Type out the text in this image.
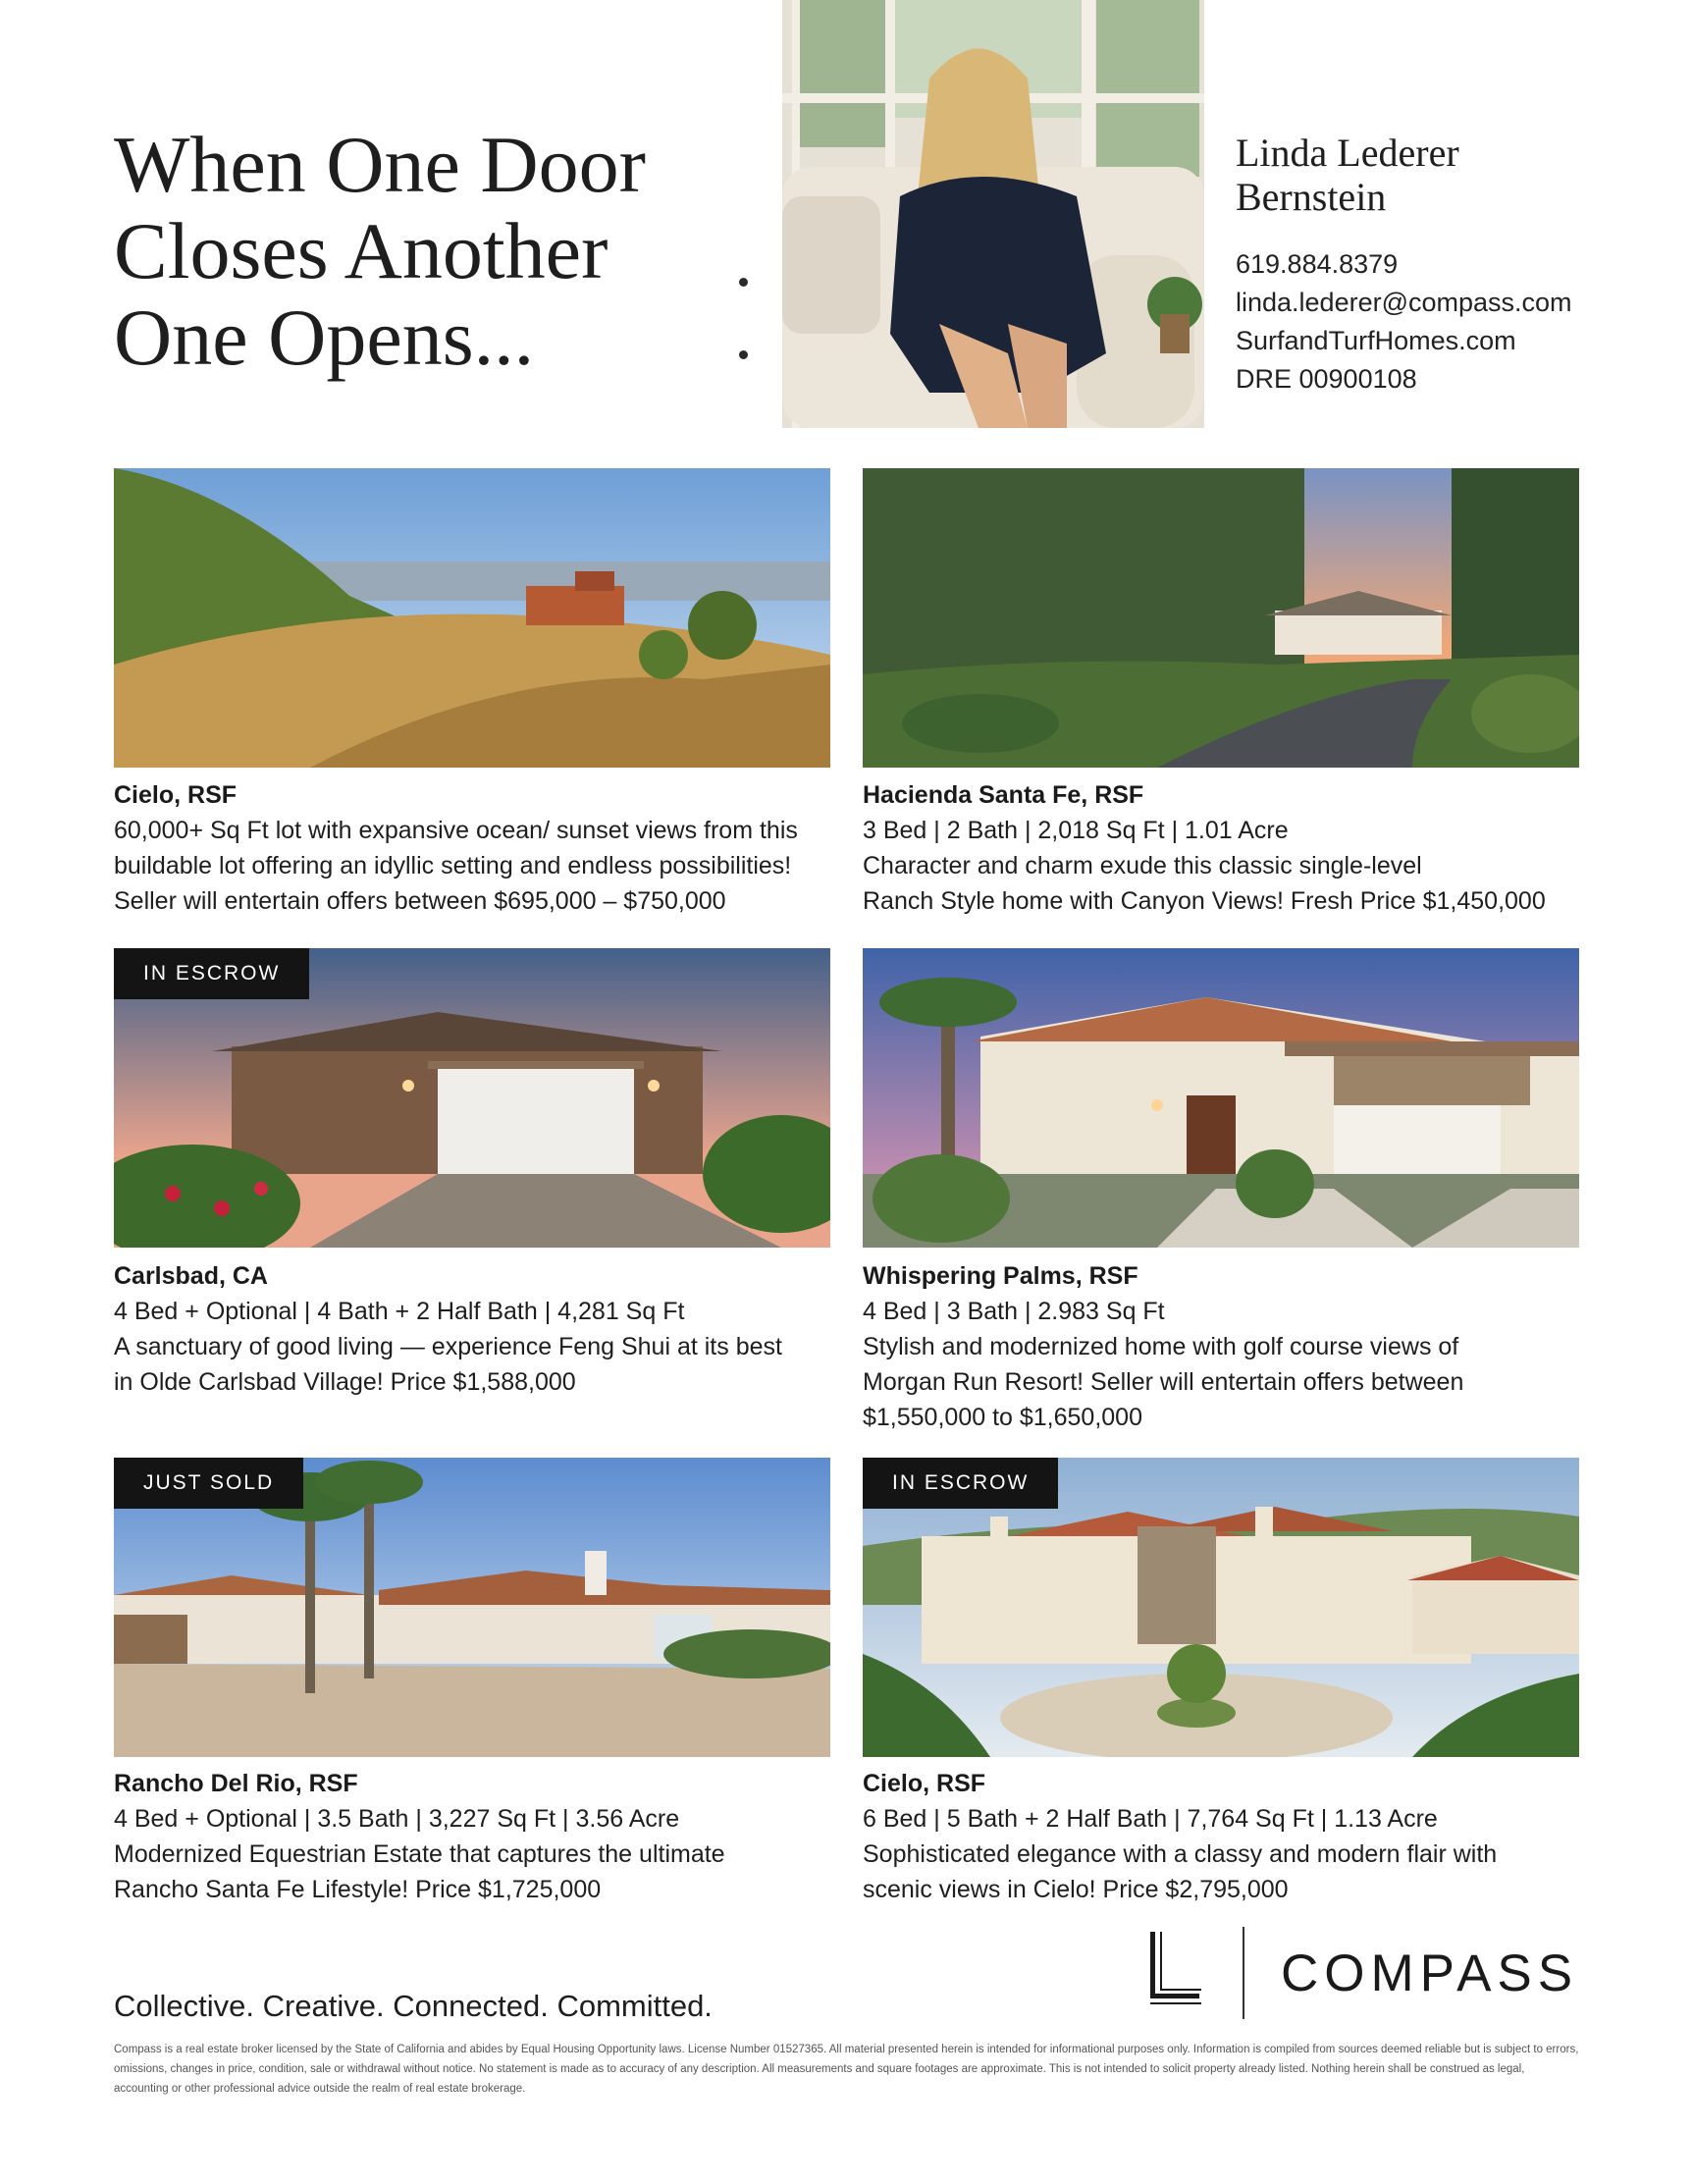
When One Door
Closes Another
One Opens...
Linda Lederer
Bernstein
619.884.8379
linda.lederer@compass.com
SurfandTurfHomes.com
DRE 00900108
Cielo, RSF
60,000+ Sq Ft lot with expansive ocean/ sunset views from this
buildable lot offering an idyllic setting and endless possibilities!
Seller will entertain offers between $695,000 – $750,000
Hacienda Santa Fe, RSF
3 Bed | 2 Bath | 2,018 Sq Ft | 1.01 Acre
Character and charm exude this classic single-level
Ranch Style home with Canyon Views! Fresh Price $1,450,000
IN ESCROW
Carlsbad, CA
4 Bed + Optional | 4 Bath + 2 Half Bath | 4,281 Sq Ft
A sanctuary of good living — experience Feng Shui at its best
in Olde Carlsbad Village! Price $1,588,000
Whispering Palms, RSF
4 Bed | 3 Bath | 2.983 Sq Ft
Stylish and modernized home with golf course views of
Morgan Run Resort! Seller will entertain offers between
$1,550,000 to $1,650,000
JUST SOLD
Rancho Del Rio, RSF
4 Bed + Optional | 3.5 Bath | 3,227 Sq Ft | 3.56 Acre
Modernized Equestrian Estate that captures the ultimate
Rancho Santa Fe Lifestyle! Price $1,725,000
IN ESCROW
Cielo, RSF
6 Bed | 5 Bath + 2 Half Bath | 7,764 Sq Ft | 1.13 Acre
Sophisticated elegance with a classy and modern flair with
scenic views in Cielo! Price $2,795,000
COMPASS
Collective. Creative. Connected. Committed.
Compass is a real estate broker licensed by the State of California and abides by Equal Housing Opportunity laws. License Number 01527365. All material presented herein is intended for informational purposes only. Information is compiled from sources deemed reliable but is subject to errors, omissions, changes in price, condition, sale or withdrawal without notice. No statement is made as to accuracy of any description. All measurements and square footages are approximate. This is not intended to solicit property already listed. Nothing herein shall be construed as legal, accounting or other professional advice outside the realm of real estate brokerage.
